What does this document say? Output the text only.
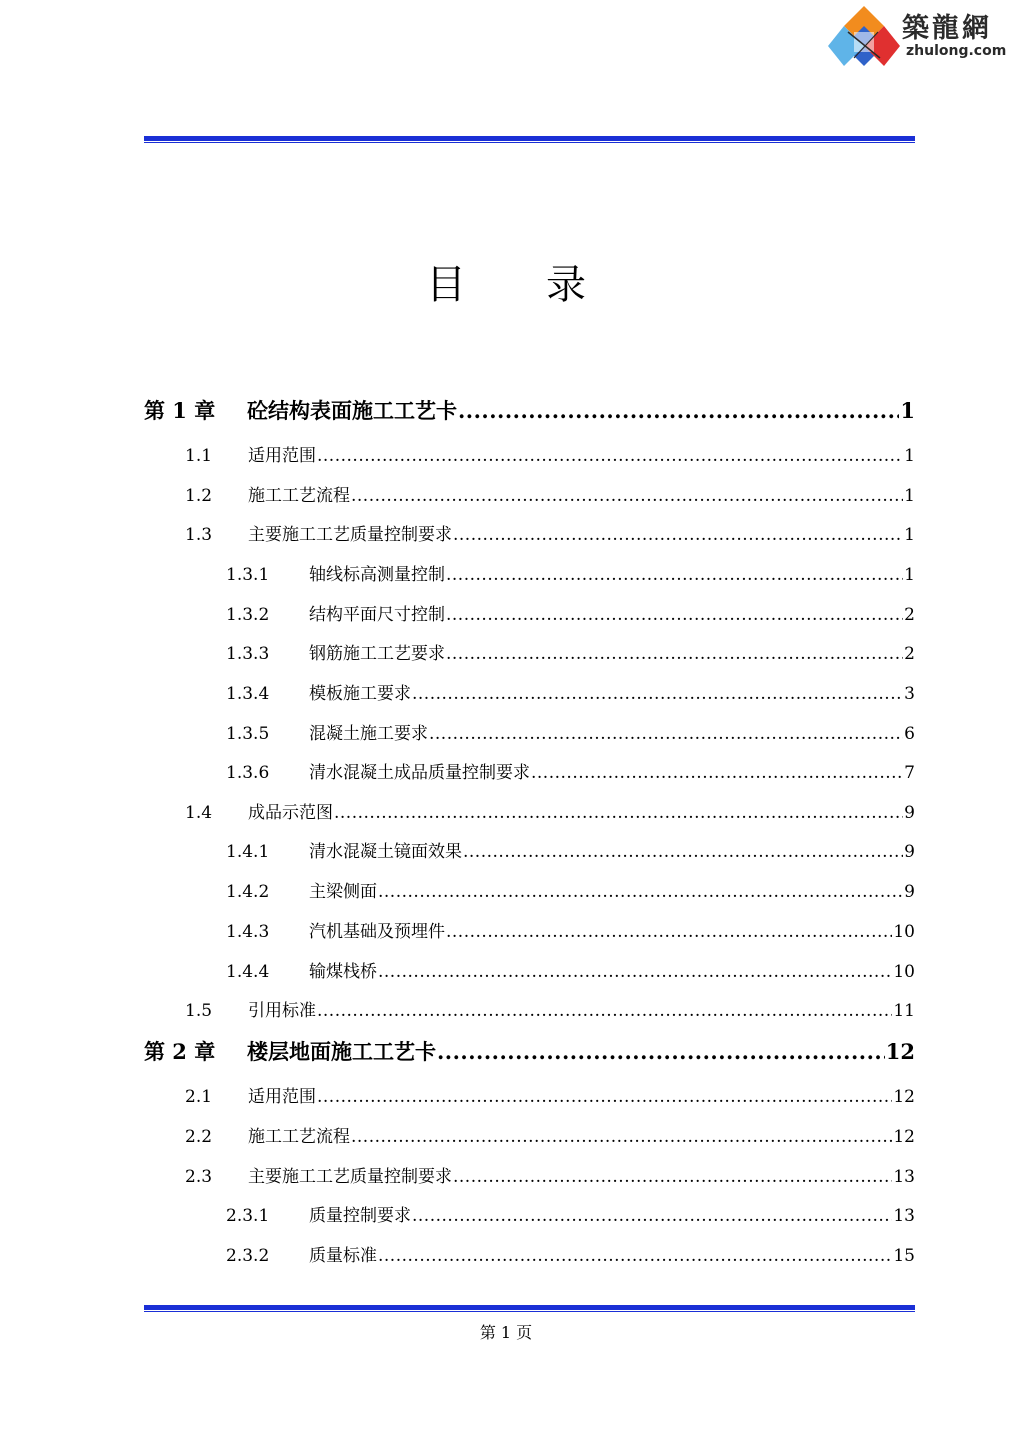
築龍網
zhulong.com
目录
第 1 章	砼结构表面施工工艺卡 .....	1
1.1	适用范围 .....	1
1.2	施工工艺流程 .....	1
1.3	主要施工工艺质量控制要求 .....	1
1.3.1	轴线标高测量控制 .....	1
1.3.2	结构平面尺寸控制 .....	2
1.3.3	钢筋施工工艺要求 .....	2
1.3.4	模板施工要求 .....	3
1.3.5	混凝土施工要求 .....	6
1.3.6	清水混凝土成品质量控制要求 .....	7
1.4	成品示范图 .....	9
1.4.1	清水混凝土镜面效果 .....	9
1.4.2	主梁侧面 .....	9
1.4.3	汽机基础及预埋件 .....	10
1.4.4	输煤栈桥 .....	10
1.5	引用标准 .....	11
第 2 章	楼层地面施工工艺卡 .....	12
2.1	适用范围 .....	12
2.2	施工工艺流程 .....	12
2.3	主要施工工艺质量控制要求 .....	13
2.3.1	质量控制要求 .....	13
2.3.2	质量标准 .....	15
第 1 页
